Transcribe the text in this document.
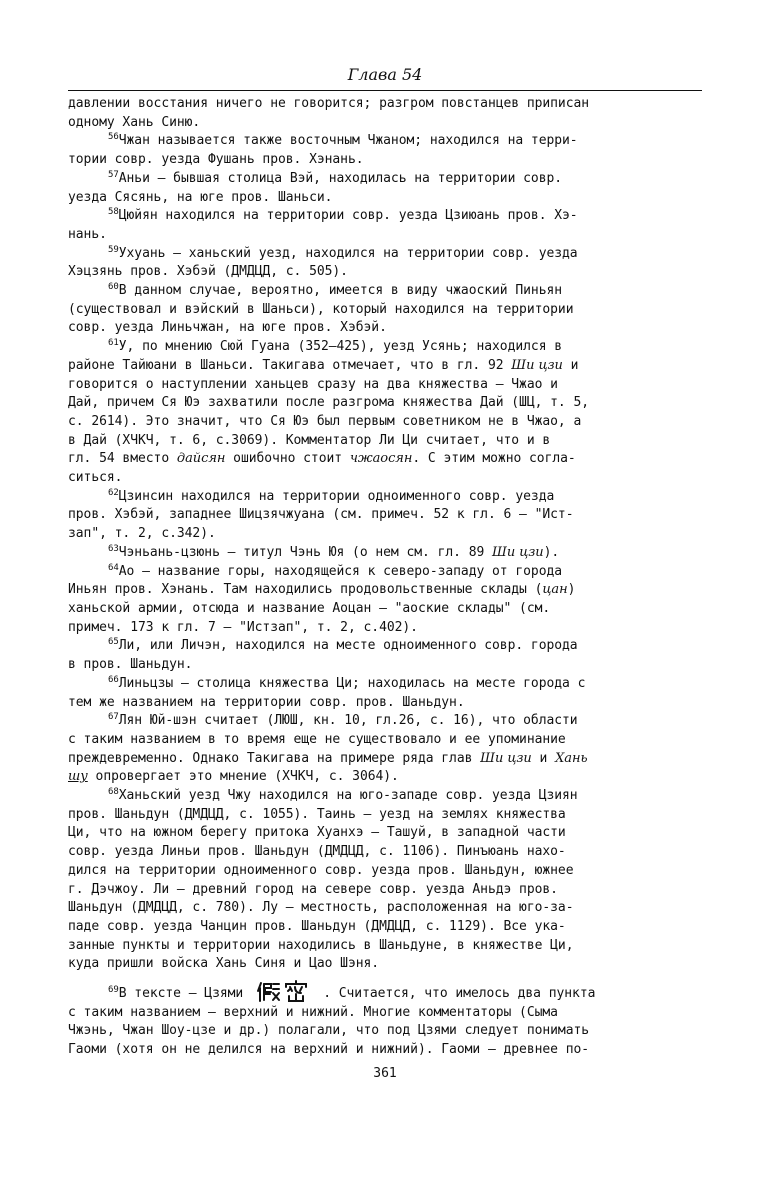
Глава 54
давлении восстания ничего не говорится; разгром повстанцев приписан
одному Хань Синю.
$^{56}$Чжан называется также восточным Чжаном; находился на терри-
тории совр. уезда Фушань пров. Хэнань.
$^{57}$Аньи — бывшая столица Вэй, находилась на территории совр.
уезда Сясянь, на юге пров. Шаньси.
$^{58}$Цюйян находился на территории совр. уезда Цзиюань пров. Хэ-
нань.
$^{59}$Ухуань — ханьский уезд, находился на территории совр. уезда
Хэцзянь пров. Хэбэй (ДМДЦД, с. 505).
$^{60}$В данном случае, вероятно, имеется в виду чжаоский Пиньян
(существовал и вэйский в Шаньси), который находился на территории
совр. уезда Линьчжан, на юге пров. Хэбэй.
$^{61}$У, по мнению Сюй Гуана (352—425), уезд Усянь; находился в
районе Тайюани в Шаньси. Такигава отмечает, что в гл. 92 Ши цзи и
говорится о наступлении ханьцев сразу на два княжества — Чжао и
Дай, причем Ся Юэ захватили после разгрома княжества Дай (ШЦ, т. 5,
с. 2614). Это значит, что Ся Юэ был первым советником не в Чжао, а
в Дай (ХЧКЧ, т. 6, с.3069). Комментатор Ли Ци считает, что и в
гл. 54 вместо дайсян ошибочно стоит чжаосян. С этим можно согла-
ситься.
$^{62}$Цзинсин находился на территории одноименного совр. уезда
пров. Хэбэй, западнее Шицзячжуана (см. примеч. 52 к гл. 6 — "Ист-
зап", т. 2, с.342).
$^{63}$Чэньань-цзюнь — титул Чэнь Юя (о нем см. гл. 89 Ши цзи).
$^{64}$Ао — название горы, находящейся к северо-западу от города
Иньян пров. Хэнань. Там находились продовольственные склады (цан)
ханьской армии, отсюда и название Аоцан — "аоские склады" (см.
примеч. 173 к гл. 7 — "Истзап", т. 2, с.402).
$^{65}$Ли, или Личэн, находился на месте одноименного совр. города
в пров. Шаньдун.
$^{66}$Линьцзы — столица княжества Ци; находилась на месте города с
тем же названием на территории совр. пров. Шаньдун.
$^{67}$Лян Юй-шэн считает (ЛЮШ, кн. 10, гл.26, с. 16), что области
с таким названием в то время еще не существовало и ее упоминание
преждевременно. Однако Такигава на примере ряда глав Ши цзи и Хань
шу опровергает это мнение (ХЧКЧ, с. 3064).
$^{68}$Ханьский уезд Чжу находился на юго-западе совр. уезда Цзиян
пров. Шаньдун (ДМДЦД, с. 1055). Таинь — уезд на землях княжества
Ци, что на южном берегу притока Хуанхэ — Ташуй, в западной части
совр. уезда Линьи пров. Шаньдун (ДМДЦД, с. 1106). Пинъюань нахо-
дился на территории одноименного совр. уезда пров. Шаньдун, южнее
г. Дэчжоу. Ли — древний город на севере совр. уезда Аньдэ пров.
Шаньдун (ДМДЦД, с. 780). Лу — местность, расположенная на юго-за-
паде совр. уезда Чанцин пров. Шаньдун (ДМДЦД, с. 1129). Все ука-
занные пункты и территории находились в Шаньдуне, в княжестве Ци,
куда пришли войска Хань Синя и Цао Шэня.
$^{69}$В тексте — Цзями	. Считается, что имелось два пункта
с таким названием — верхний и нижний. Многие комментаторы (Сыма
Чжэнь, Чжан Шоу-цзе и др.) полагали, что под Цзями следует понимать
Гаоми (хотя он не делился на верхний и нижний). Гаоми — древнее по-
361
